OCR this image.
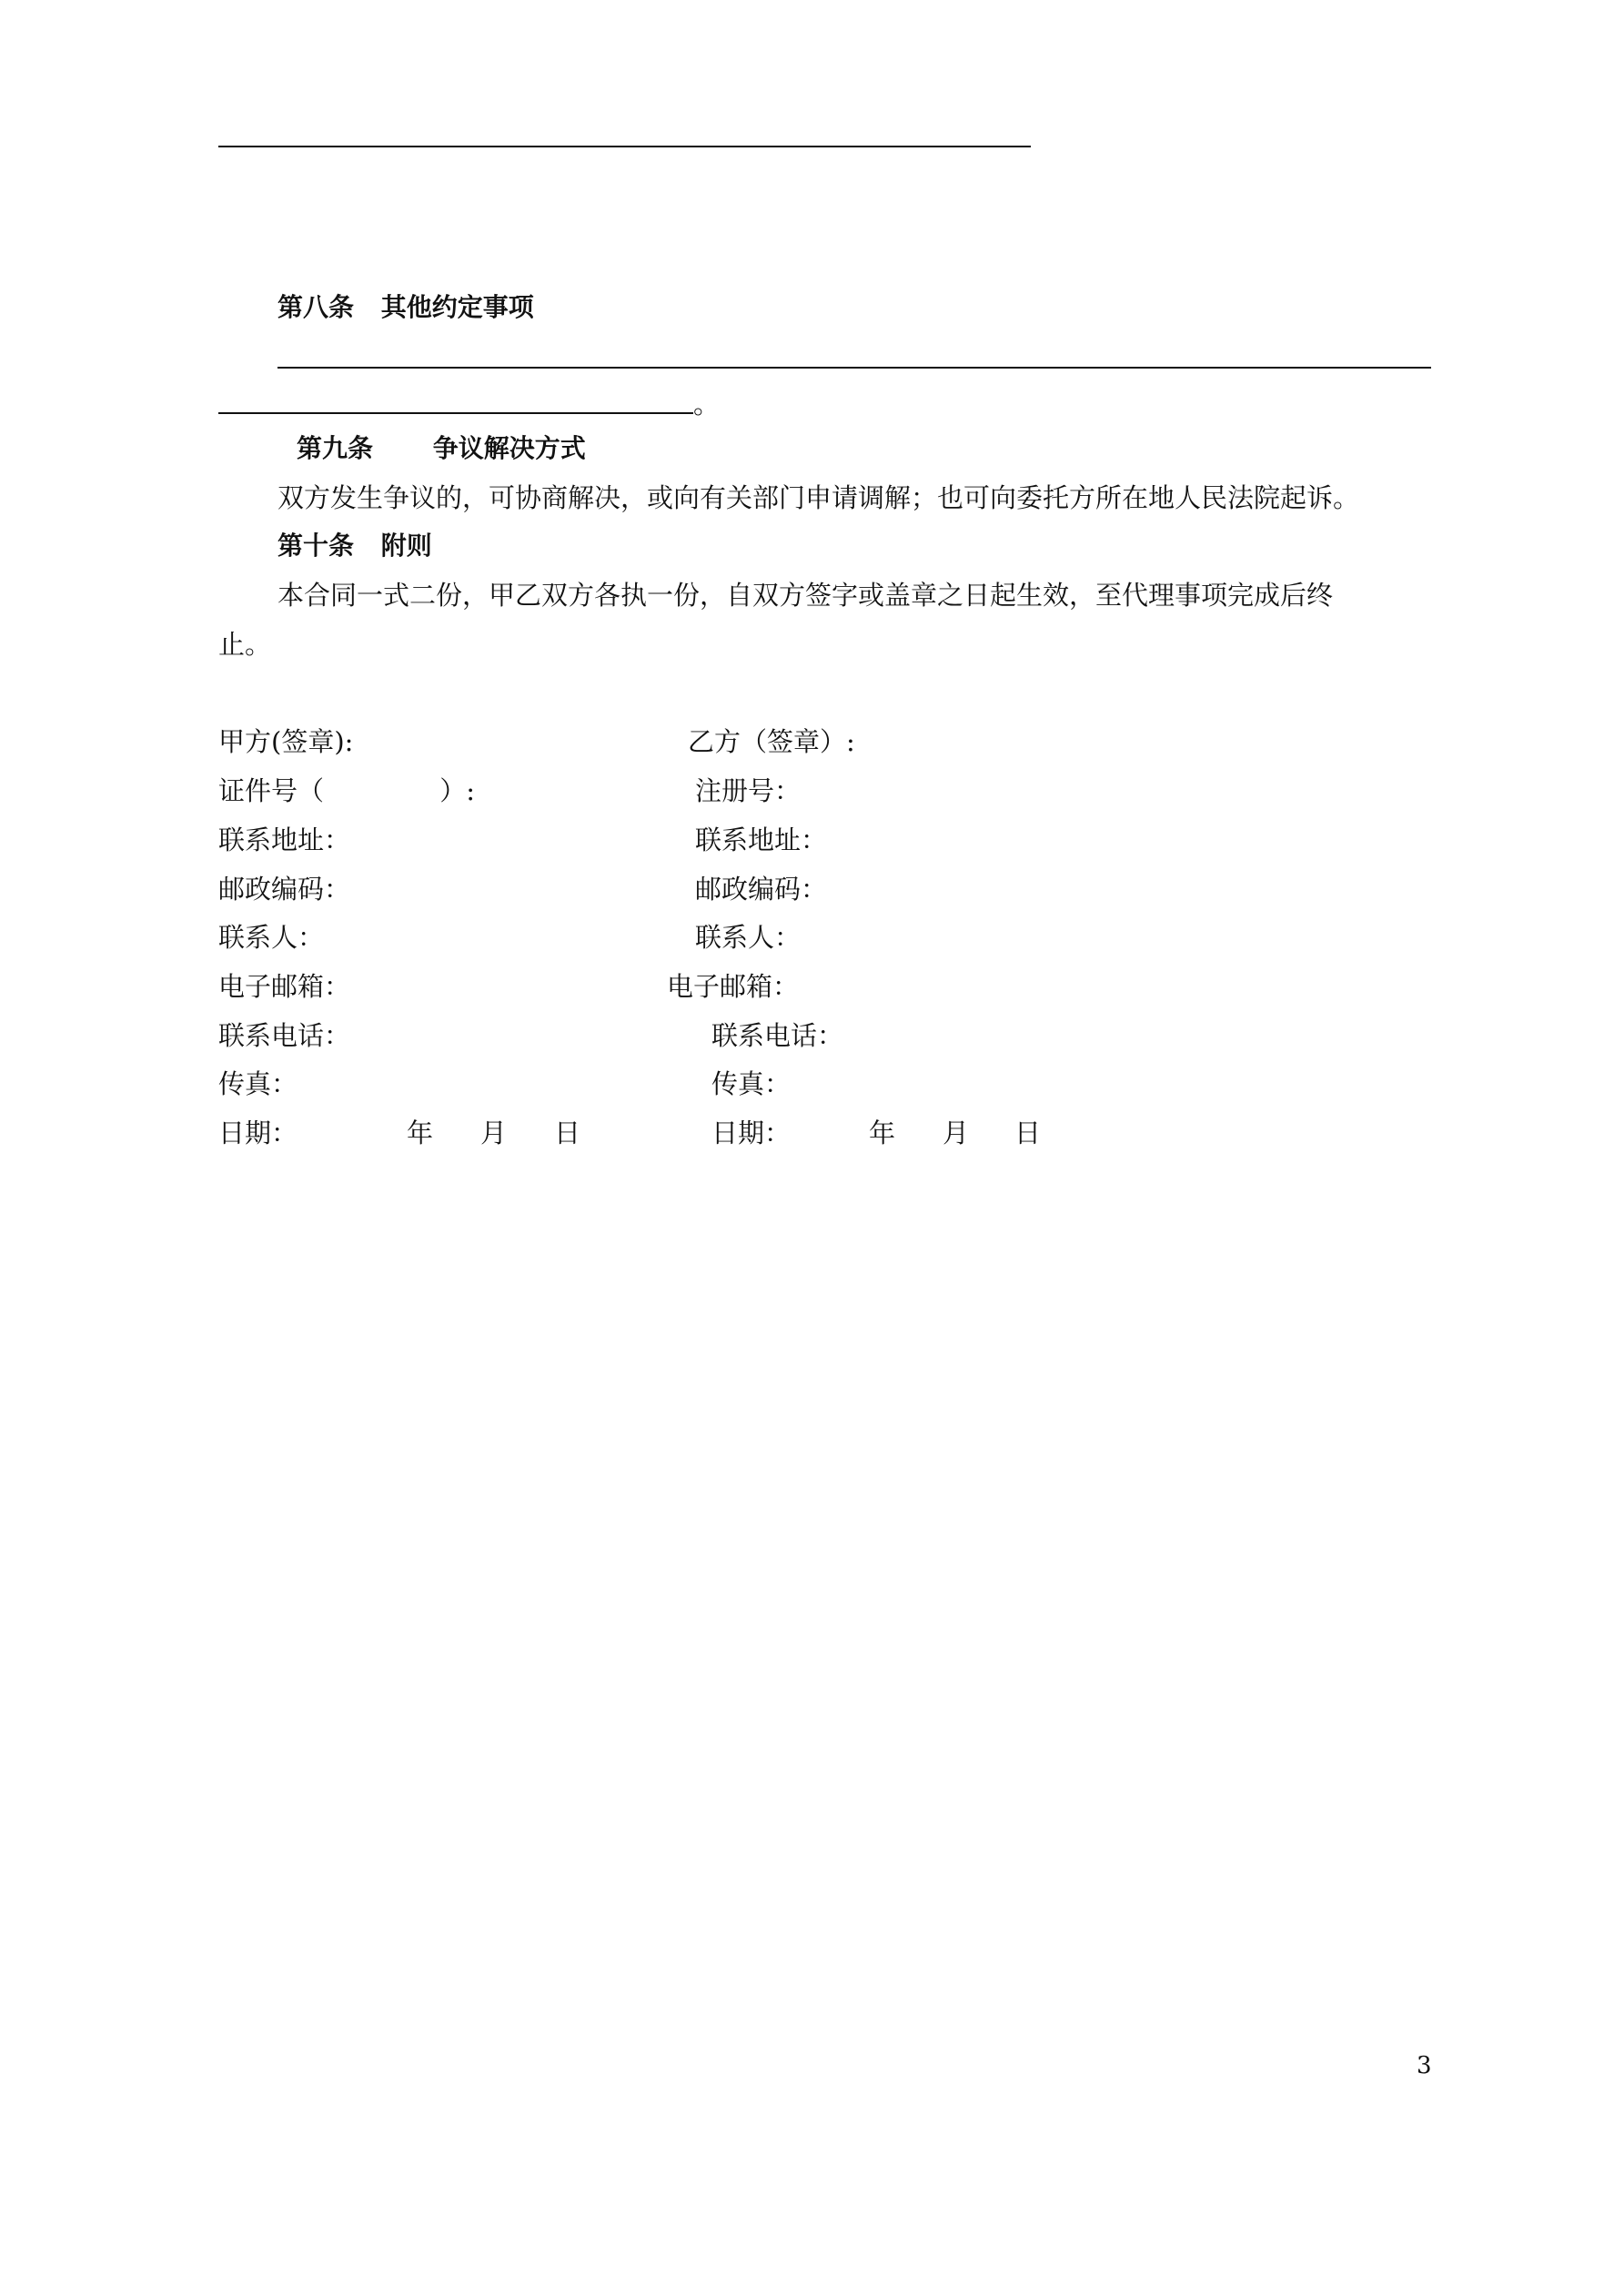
第八条 其他约定事项
。
第九条 争议解决方式
双方发生争议的，可协商解决，或向有关部门申请调解；也可向委托方所在地人民法院起诉。
第十条 附则
本合同一式二份，甲乙双方各执一份，自双方签字或盖章之日起生效，至代理事项完成后终
止。
甲方(签章):
证件号（ ）:
联系地址：
邮政编码：
联系人：
电子邮箱：
联系电话：
传真：
日期：	年 月 日
乙方（签章）:
注册号：
联系地址：
邮政编码：
联系人：
电子邮箱：
联系电话：
传真：
日期：	年 月 日
3
